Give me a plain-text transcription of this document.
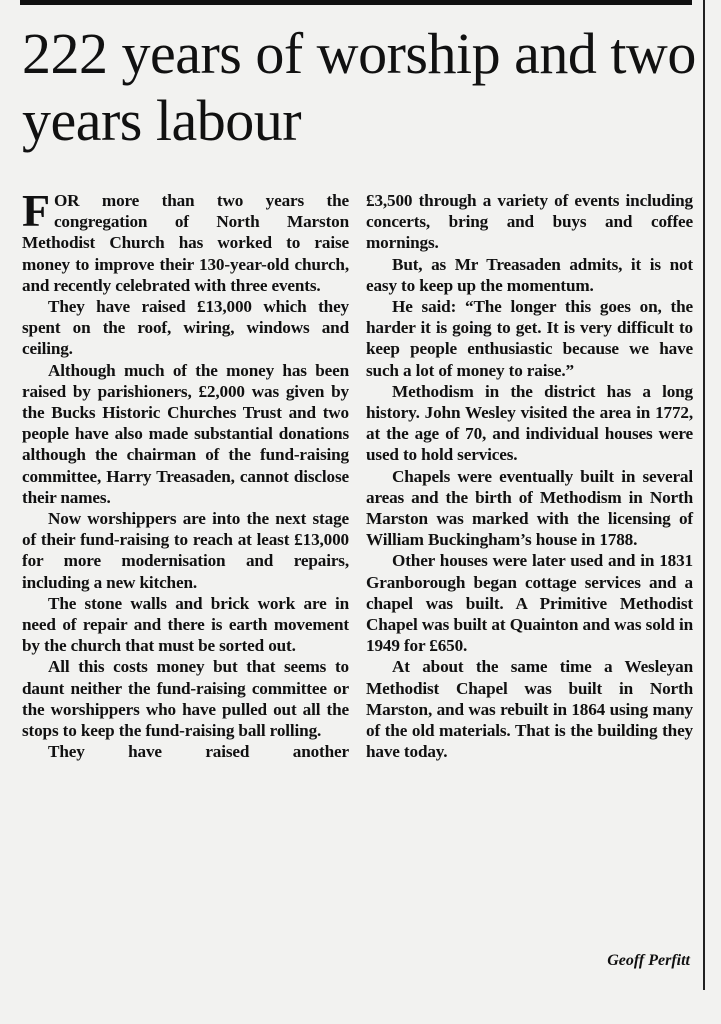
222 years of worship and two years labour

FOR more than two years the congregation of North Marston Methodist Church has worked to raise money to improve their 130-year-old church, and recently celebrated with three events.

They have raised £13,000 which they spent on the roof, wiring, windows and ceiling.

Although much of the money has been raised by parishioners, £2,000 was given by the Bucks Historic Churches Trust and two people have also made substantial donations although the chairman of the fund-raising committee, Harry Treasaden, cannot disclose their names.

Now worshippers are into the next stage of their fund-raising to reach at least £13,000 for more modernisation and repairs, including a new kitchen.

The stone walls and brick work are in need of repair and there is earth movement by the church that must be sorted out.

All this costs money but that seems to daunt neither the fund-raising committee or the worshippers who have pulled out all the stops to keep the fund-raising ball rolling.

They have raised another

£3,500 through a variety of events including concerts, bring and buys and coffee mornings.

But, as Mr Treasaden admits, it is not easy to keep up the momentum.

He said: “The longer this goes on, the harder it is going to get. It is very difficult to keep people enthusiastic because we have such a lot of money to raise.”

Methodism in the district has a long history. John Wesley visited the area in 1772, at the age of 70, and individual houses were used to hold services.

Chapels were eventually built in several areas and the birth of Methodism in North Marston was marked with the licensing of William Buckingham’s house in 1788.

Other houses were later used and in 1831 Granborough began cottage services and a chapel was built. A Primitive Methodist Chapel was built at Quainton and was sold in 1949 for £650.

At about the same time a Wesleyan Methodist Chapel was built in North Marston, and was rebuilt in 1864 using many of the old materials. That is the building they have today.

Geoff Perfitt
